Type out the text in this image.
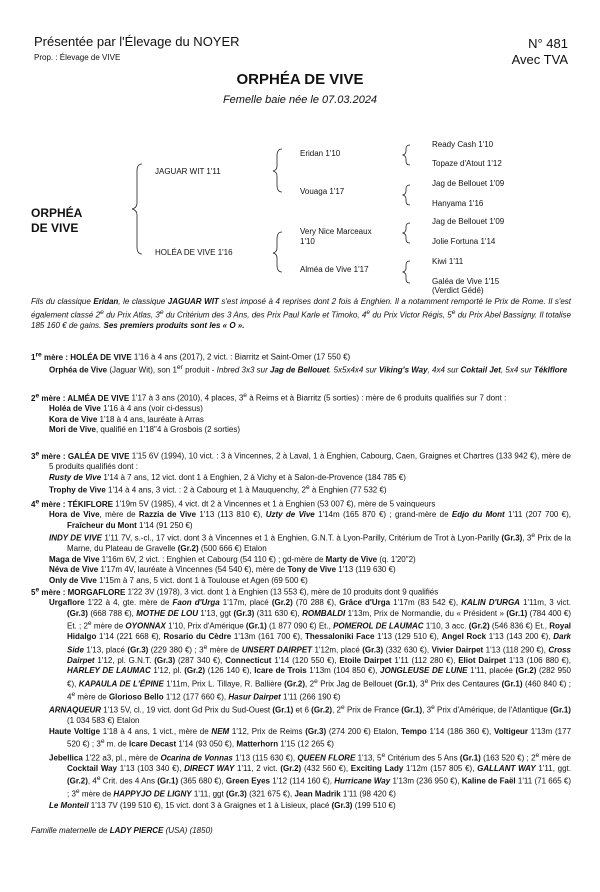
Présentée par l'Élevage du NOYER
Prop. : Élevage de VIVE
N° 481
Avec TVA
ORPHÉA DE VIVE
Femelle baie née le 07.03.2024
ORPHÉA
DE VIVE
JAGUAR WIT 1'11
HOLÉA DE VIVE 1'16
Eridan 1'10
Vouaga 1'17
Very Nice Marceaux
1'10
Alméa de Vive 1'17
Ready Cash 1'10
Topaze d'Atout 1'12
Jag de Bellouet 1'09
Hanyama 1'16
Jag de Bellouet 1'09
Jolie Fortuna 1'14
Kiwi 1'11
Galéa de Vive 1'15
(Verdict Gédé)
Fils du classique Eridan, le classique JAGUAR WIT s'est imposé à 4 reprises dont 2 fois à Enghien. Il a notamment remporté le Prix de Rome. Il s'est également classé 2e du Prix Atlas, 3e du Critérium des 3 Ans, des Prix Paul Karle et Timoko, 4e du Prix Victor Régis, 5e du Prix Abel Bassigny. Il totalise 185 160 € de gains. Ses premiers produits sont les « O ».

1re mère : HOLÉA DE VIVE 1'16 à 4 ans (2017), 2 vict. : Biarritz et Saint-Omer (17 550 €)

Orphéa de Vive (Jaguar Wit), son 1er produit - Inbred 3x3 sur Jag de Bellouet. 5x5x4x4 sur Viking's Way, 4x4 sur Coktail Jet, 5x4 sur Téklflore

2e mère : ALMÉA DE VIVE 1'17 à 3 ans (2010), 4 places, 3e à Reims et à Biarritz (5 sorties) : mère de 6 produits qualifiés sur 7 dont :

Holéa de Vive 1'16 à 4 ans (voir ci-dessus)

Kora de Vive 1'18 à 4 ans, lauréate à Arras

Mori de Vive, qualifié en 1'18"4 à Grosbois (2 sorties)

3e mère : GALÉA DE VIVE 1'15 6V (1994), 10 vict. : 3 à Vincennes, 2 à Laval, 1 à Enghien, Cabourg, Caen, Graignes et Chartres (133 942 €), mère de 5 produits qualifiés dont :

Rusty de Vive 1'14 à 7 ans, 12 vict. dont 1 à Enghien, 2 à Vichy et à Salon-de-Provence (184 785 €)

Trophy de Vive 1'14 à 4 ans, 3 vict. : 2 à Cabourg et 1 à Mauquenchy, 2e à Enghien (77 532 €)

4e mère : TÉKIFLORE 1'19m 5V (1985), 4 vict. dt 2 à Vincennes et 1 à Enghien (53 007 €), mère de 5 vainqueurs

Hora de Vive, mère de Razzia de Vive 1'13 (113 810 €), Uzty de Vive 1'14m (165 870 €) ; grand-mère de Edjo du Mont 1'11 (207 700 €), Fraîcheur du Mont 1'14 (91 250 €)

INDY DE VIVE 1'11 7V, s.-cl., 17 vict. dont 3 à Vincennes et 1 à Enghien, G.N.T. à Lyon-Parilly, Critérium de Trot à Lyon-Parilly (Gr.3), 3e Prix de la Marne, du Plateau de Gravelle (Gr.2) (500 666 €) Etalon

Maga de Vive 1'16m 6V, 2 vict. : Enghien et Cabourg (54 110 €) ; gd-mère de Marty de Vive (q. 1'20"2)

Néva de Vive 1'17m 4V, lauréate à Vincennes (54 540 €), mère de Tony de Vive 1'13 (119 630 €)

Only de Vive 1'15m à 7 ans, 5 vict. dont 1 à Toulouse et Agen (69 500 €)

5e mère : MORGAFLORE 1'22 3V (1978), 3 vict. dont 1 à Enghien (13 553 €), mère de 10 produits dont 9 qualifiés

Urgaflore 1'22 à 4, gte. mère de Faon d'Urga 1'17m, placé (Gr.2) (70 288 €), Grâce d'Urga 1'17m (83 542 €), KALIN D'URGA 1'11m, 3 vict. (Gr.3) (668 788 €), MOTHE DE LOU 1'13, ggt (Gr.3) (311 630 €), ROMBALDI 1'13m, Prix de Normandie, du « Président » (Gr.1) (784 400 €) Et. ; 2e mère de OYONNAX 1'10, Prix d'Amérique (Gr.1) (1 877 090 €) Et., POMEROL DE LAUMAC 1'10, 3 acc. (Gr.2) (546 836 €) Et., Royal Hidalgo 1'14 (221 668 €), Rosario du Cèdre 1'13m (161 700 €), Thessaloniki Face 1'13 (129 510 €), Angel Rock 1'13 (143 200 €), Dark Side 1'13, placé (Gr.3) (229 380 €) ; 3e mère de UNSERT DAIRPET 1'12m, placé (Gr.3) (332 630 €), Vivier Dairpet 1'13 (118 290 €), Cross Dairpet 1'12, pl. G.N.T. (Gr.3) (287 340 €), Connecticut 1'14 (120 550 €), Etoile Dairpet 1'11 (112 280 €), Eliot Dairpet 1'13 (106 880 €), HARLEY DE LAUMAC 1'12, pl. (Gr.2) (126 140 €), Icare de Trois 1'13m (104 850 €), JONGLEUSE DE LUNE 1'11, placée (Gr.2) (282 950 €), KAPAULA DE L'ÉPINE 1'11m, Prix L. Tillaye, R. Ballière (Gr.2), 2e Prix Jag de Bellouet (Gr.1), 3e Prix des Centaures (Gr.1) (460 840 €) ; 4e mère de Glorioso Bello 1'12 (177 660 €), Hasur Dairpet 1'11 (266 190 €)

ARNAQUEUR 1'13 5V, cl., 19 vict. dont Gd Prix du Sud-Ouest (Gr.1) et 6 (Gr.2), 2e Prix de France (Gr.1), 3e Prix d'Amérique, de l'Atlantique (Gr.1) (1 034 583 €) Etalon

Haute Voltige 1'18 à 4 ans, 1 vict., mère de NEM 1'12, Prix de Reims (Gr.3) (274 200 €) Etalon, Tempo 1'14 (186 360 €), Voltigeur 1'13m (177 520 €) ; 3e m. de Icare Decast 1'14 (93 050 €), Matterhorn 1'15 (12 265 €)

Jebellica 1'22 a3, pl., mère de Ocarina de Vonnas 1'13 (115 630 €), QUEEN FLORE 1'13, 5e Critérium des 5 Ans (Gr.1) (163 520 €) ; 2e mère de Cocktail Way 1'13 (103 340 €), DIRECT WAY 1'11, 2 vict. (Gr.2) (432 560 €), Exciting Lady 1'12m (157 805 €), GALLANT WAY 1'11, ggt. (Gr.2), 4e Crit. des 4 Ans (Gr.1) (365 680 €), Green Eyes 1'12 (114 160 €), Hurricane Way 1'13m (236 950 €), Kaline de Faël 1'11 (71 665 €) ; 3e mère de HAPPYJO DE LIGNY 1'11, ggt (Gr.3) (321 675 €), Jean Madrik 1'11 (98 420 €)

Le Monteil 1'13 7V (199 510 €), 15 vict. dont 3 à Graignes et 1 à Lisieux, placé (Gr.3) (199 510 €)

Famille maternelle de LADY PIERCE (USA) (1850)
